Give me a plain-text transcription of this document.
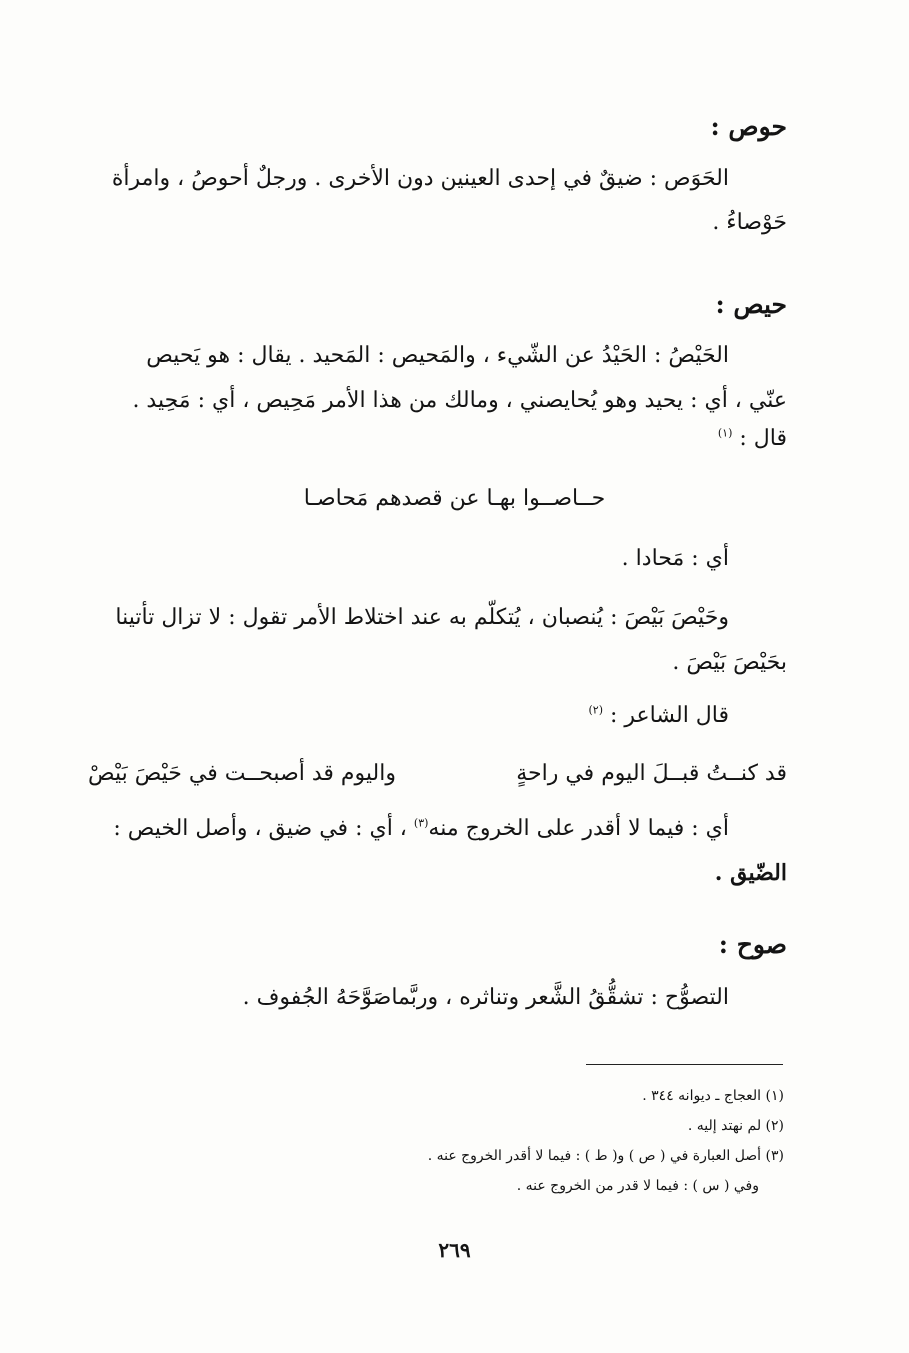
حوص :
الحَوَص : ضيقٌ في إحدى العينين دون الأخرى . ورجلٌ أحوصُ ، وامرأة
حَوْصاءُ .
حيص :
الحَيْصُ : الحَيْدُ عن الشّيء ، والمَحيص : المَحيد . يقال : هو يَحيص
عنّي ، أي : يحيد وهو يُحايصني ، ومالك من هذا الأمر مَحِيص ، أي : مَحِيد .
قال : $^{(١)}$
حــاصــوا بهـا عن قصدهم مَحاصـا
أي : مَحادا .
وحَيْصَ بَيْصَ : يُنصبان ، يُتكلّم به عند اختلاط الأمر تقول : لا تزال تأتينا
بحَيْصَ بَيْصَ .
قال الشاعر : $^{(٢)}$
قد كنــتُ قبــلَ اليوم في راحةٍ
واليوم قد أصبحــت في حَيْصَ بَيْصْ
أي : فيما لا أقدر على الخروج منه$^{(٣)}$ ، أي : في ضيق ، وأصل الخيص :
الضّيق .
صوح :
التصوُّح : تشقُّقُ الشَّعر وتناثره ، وربَّماصَوَّحَهُ الجُفوف .
(١) العجاج ـ ديوانه ٣٤٤ .
(٢) لم نهتد إليه .
(٣) أصل العبارة في ( ص ) و( ط ) : فيما لا أقدر الخروج عنه .
وفي ( س ) : فيما لا قدر من الخروج عنه .
٢٦٩
